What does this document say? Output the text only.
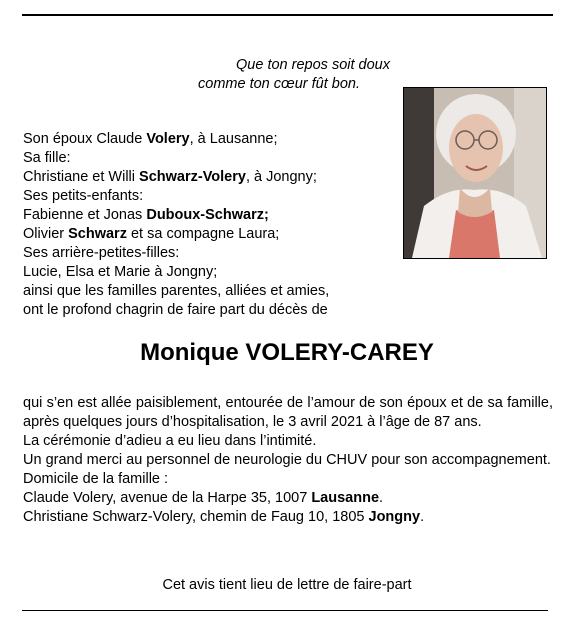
Que ton repos soit doux
comme ton cœur fût bon.
Son époux Claude Volery, à Lausanne;
Sa fille:
Christiane et Willi Schwarz-Volery, à Jongny;
Ses petits-enfants:
Fabienne et Jonas Duboux-Schwarz;
Olivier Schwarz et sa compagne Laura;
Ses arrière-petites-filles:
Lucie, Elsa et Marie à Jongny;
ainsi que les familles parentes, alliées et amies,
ont le profond chagrin de faire part du décès de
Monique VOLERY-CAREY
qui s’en est allée paisiblement, entourée de l’amour de son époux et de sa famille, après quelques jours d’hospitalisation, le 3 avril 2021 à l’âge de 87 ans.
La cérémonie d’adieu a eu lieu dans l’intimité.
Un grand merci au personnel de neurologie du CHUV pour son accompagnement.
Domicile de la famille :
Claude Volery, avenue de la Harpe 35, 1007 Lausanne.
Christiane Schwarz-Volery, chemin de Faug 10, 1805 Jongny.
Cet avis tient lieu de lettre de faire-part
